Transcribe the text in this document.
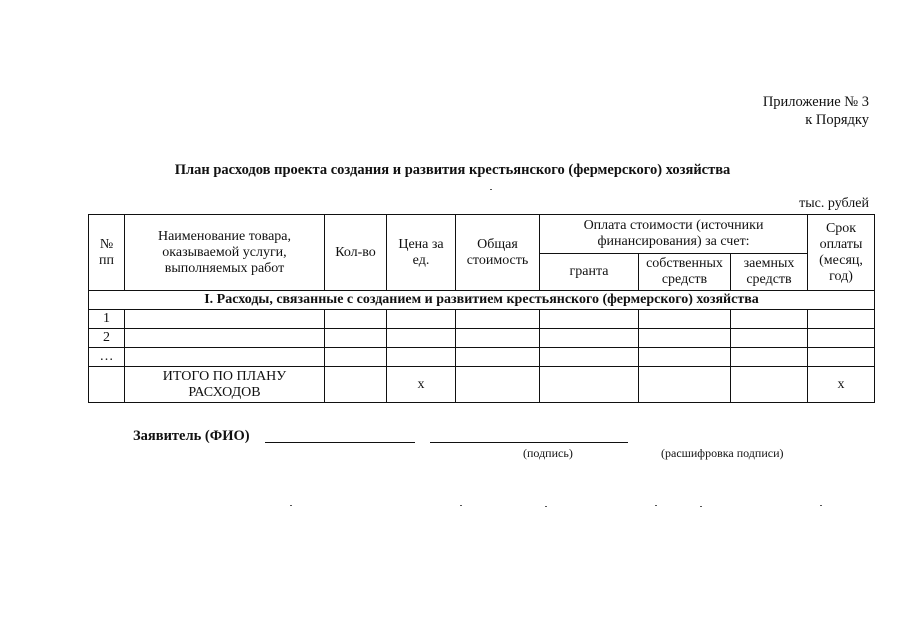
Приложение № 3
к Порядку
План расходов проекта создания и развития крестьянского (фермерского) хозяйства
тыс. рублей
№ пп	Наименование товара, оказываемой услуги, выполняемых работ	Кол-во	Цена за ед.	Общая стоимость	Оплата стоимости (источники финансирования) за счет:			Срок оплаты (месяц, год)
					гранта	собственных средств	заемных средств	
I. Расходы, связанные с созданием и развитием крестьянского (фермерского) хозяйства								
1								
2								
…								
	ИТОГО ПО ПЛАНУ РАСХОДОВ		x					x
Заявитель (ФИО)
(подпись)	(расшифровка подписи)
